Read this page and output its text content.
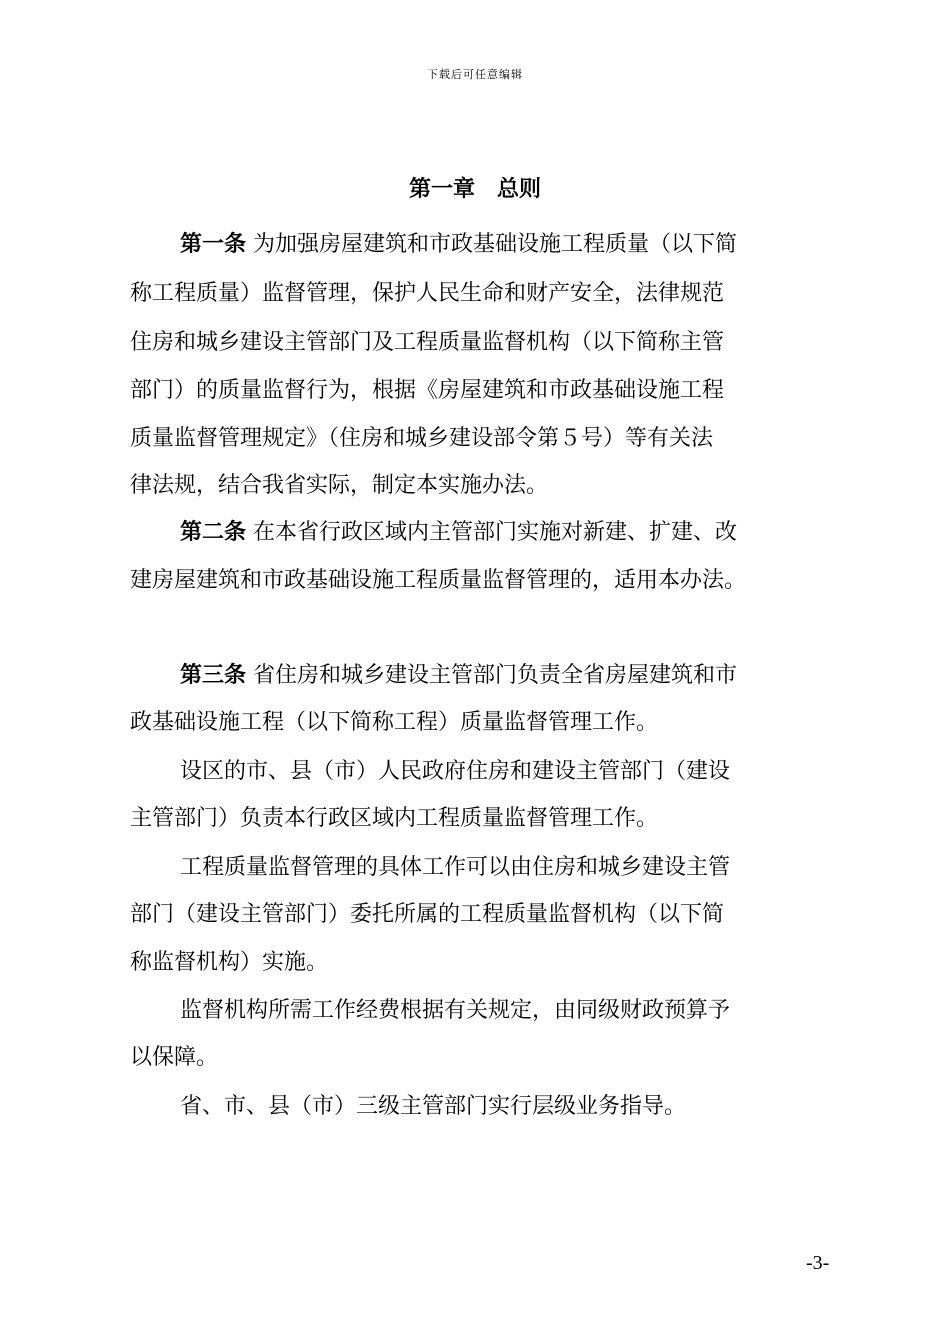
下载后可任意编辑
第一章　总则
第一条 为加强房屋建筑和市政基础设施工程质量（以下简
称工程质量）监督管理，保护人民生命和财产安全，法律规范
住房和城乡建设主管部门及工程质量监督机构（以下简称主管
部门）的质量监督行为，根据《房屋建筑和市政基础设施工程
质量监督管理规定》（住房和城乡建设部令第５号）等有关法
律法规，结合我省实际，制定本实施办法。
第二条 在本省行政区域内主管部门实施对新建、扩建、改
建房屋建筑和市政基础设施工程质量监督管理的，适用本办法。
第三条 省住房和城乡建设主管部门负责全省房屋建筑和市
政基础设施工程（以下简称工程）质量监督管理工作。
设区的市、县（市）人民政府住房和建设主管部门（建设
主管部门）负责本行政区域内工程质量监督管理工作。
工程质量监督管理的具体工作可以由住房和城乡建设主管
部门（建设主管部门）委托所属的工程质量监督机构（以下简
称监督机构）实施。
监督机构所需工作经费根据有关规定，由同级财政预算予
以保障。
省、市、县（市）三级主管部门实行层级业务指导。
-3-
